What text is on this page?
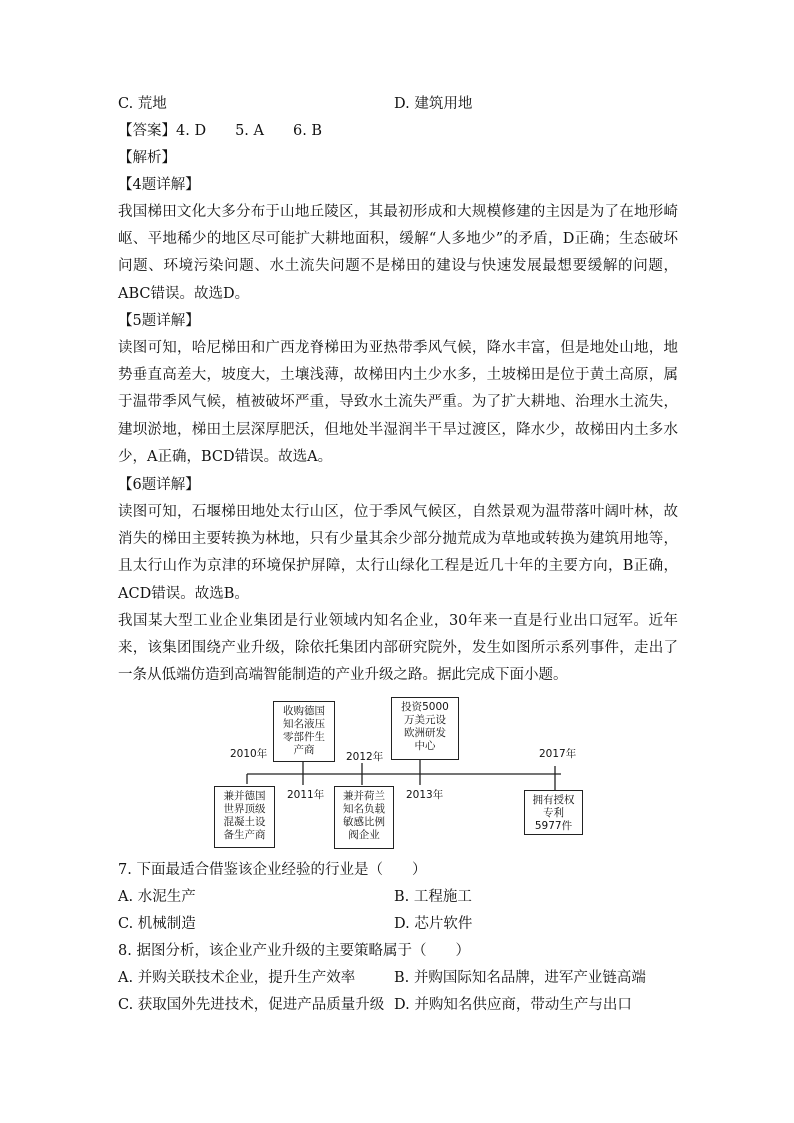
C. 荒地	D. 建筑用地
【答案】4. D　　5. A　　6. B
【解析】
【4题详解】
我国梯田文化大多分布于山地丘陵区，其最初形成和大规模修建的主因是为了在地形崎岖、平地稀少的地区尽可能扩大耕地面积，缓解“人多地少”的矛盾，D正确；生态破坏问题、环境污染问题、水土流失问题不是梯田的建设与快速发展最想要缓解的问题，ABC错误。故选D。
【5题详解】
读图可知，哈尼梯田和广西龙脊梯田为亚热带季风气候，降水丰富，但是地处山地，地势垂直高差大，坡度大，土壤浅薄，故梯田内土少水多，土坡梯田是位于黄土高原，属于温带季风气候，植被破坏严重，导致水土流失严重。为了扩大耕地、治理水土流失，建坝淤地，梯田土层深厚肥沃，但地处半湿润半干旱过渡区，降水少，故梯田内土多水少，A正确，BCD错误。故选A。
【6题详解】
读图可知，石堰梯田地处太行山区，位于季风气候区，自然景观为温带落叶阔叶林，故消失的梯田主要转换为林地，只有少量其余少部分抛荒成为草地或转换为建筑用地等，且太行山作为京津的环境保护屏障，太行山绿化工程是近几十年的主要方向，B正确，ACD错误。故选B。
我国某大型工业企业集团是行业领域内知名企业，30年来一直是行业出口冠军。近年来，该集团围绕产业升级，除依托集团内部研究院外，发生如图所示系列事件，走出了一条从低端仿造到高端智能制造的产业升级之路。据此完成下面小题。
2010年
2011年
2012年
2013年
2017年
兼并德国
世界顶级
混凝土设
备生产商
收购德国
知名液压
零部件生
产商
兼并荷兰
知名负载
敏感比例
阀企业
投资5000
万美元设
欧洲研发
中心
拥有授权
专利
5977件
7. 下面最适合借鉴该企业经验的行业是（　　）
A. 水泥生产	B. 工程施工
C. 机械制造	D. 芯片软件
8. 据图分析，该企业产业升级的主要策略属于（　　）
A. 并购关联技术企业，提升生产效率	B. 并购国际知名品牌，进军产业链高端
C. 获取国外先进技术，促进产品质量升级 D. 并购知名供应商，带动生产与出口
